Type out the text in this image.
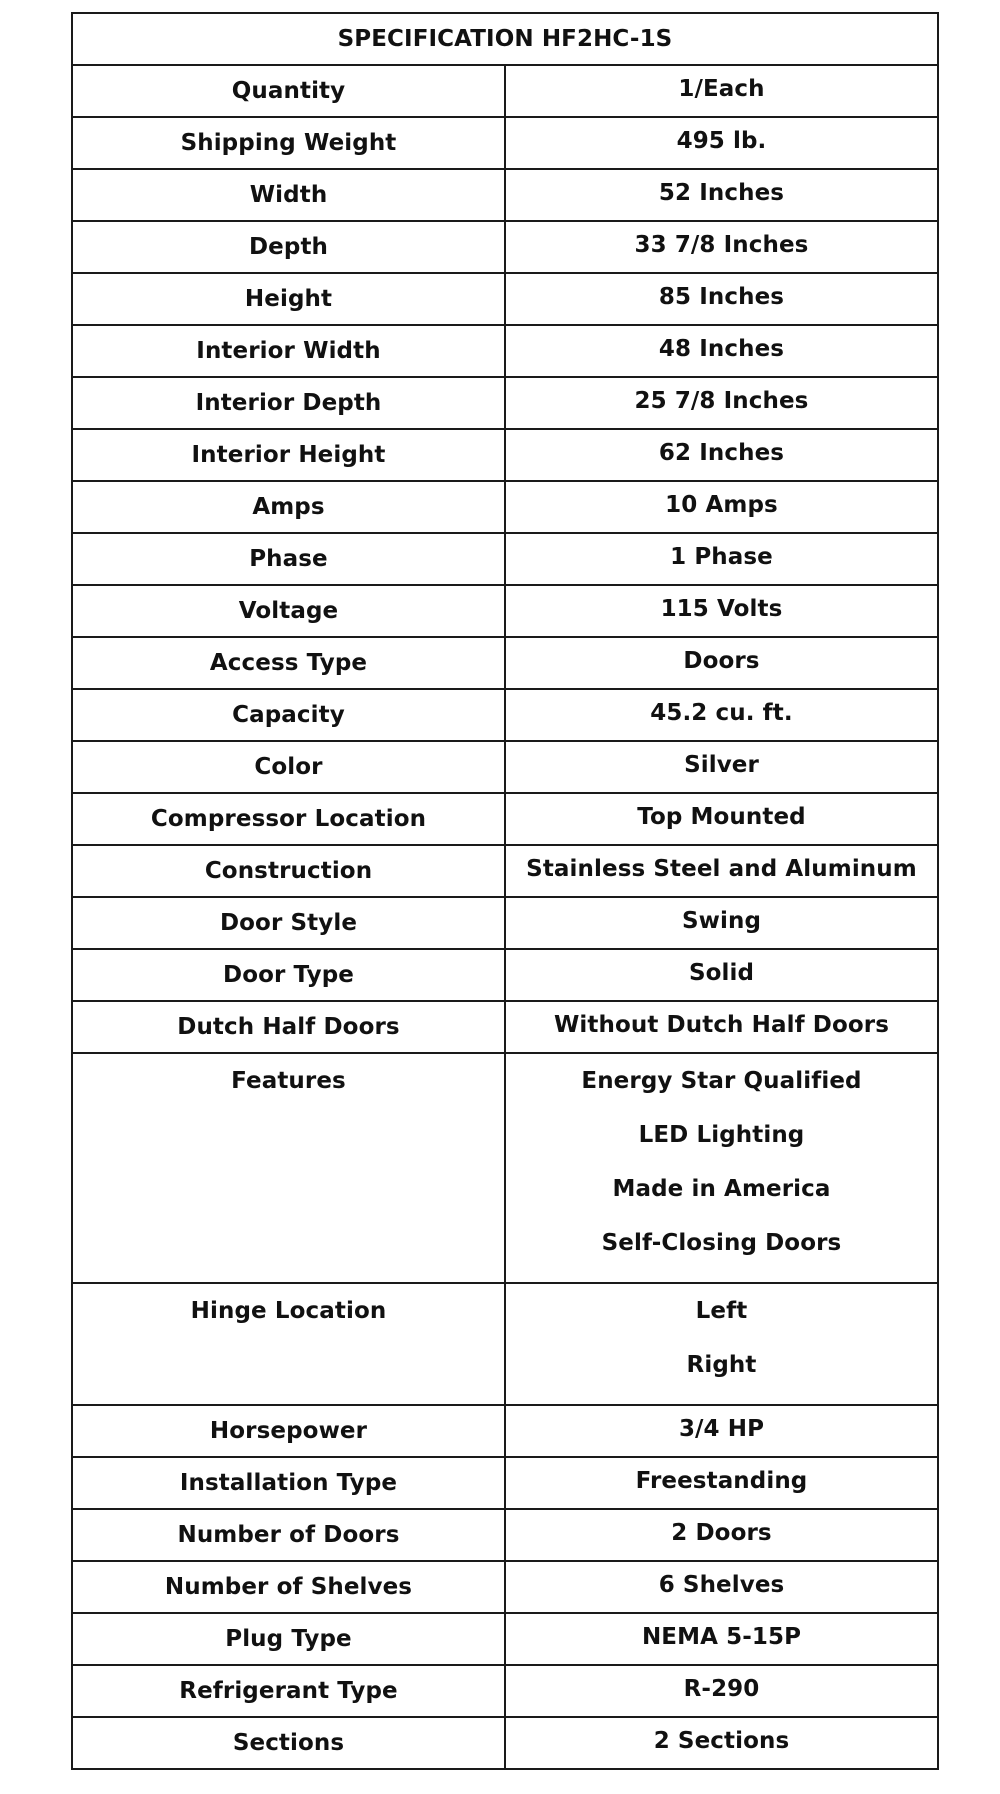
SPECIFICATION HF2HC-1S	
Quantity	1/Each
Shipping Weight	495 lb.
Width	52 Inches
Depth	33 7/8 Inches
Height	85 Inches
Interior Width	48 Inches
Interior Depth	25 7/8 Inches
Interior Height	62 Inches
Amps	10 Amps
Phase	1 Phase
Voltage	115 Volts
Access Type	Doors
Capacity	45.2 cu. ft.
Color	Silver
Compressor Location	Top Mounted
Construction	Stainless Steel and Aluminum
Door Style	Swing
Door Type	Solid
Dutch Half Doors	Without Dutch Half Doors
Features	Energy Star Qualified
LED Lighting
Made in America
Self-Closing Doors

Hinge Location	Left
Right

Horsepower	3/4 HP
Installation Type	Freestanding
Number of Doors	2 Doors
Number of Shelves	6 Shelves
Plug Type	NEMA 5-15P
Refrigerant Type	R-290
Sections	2 Sections
